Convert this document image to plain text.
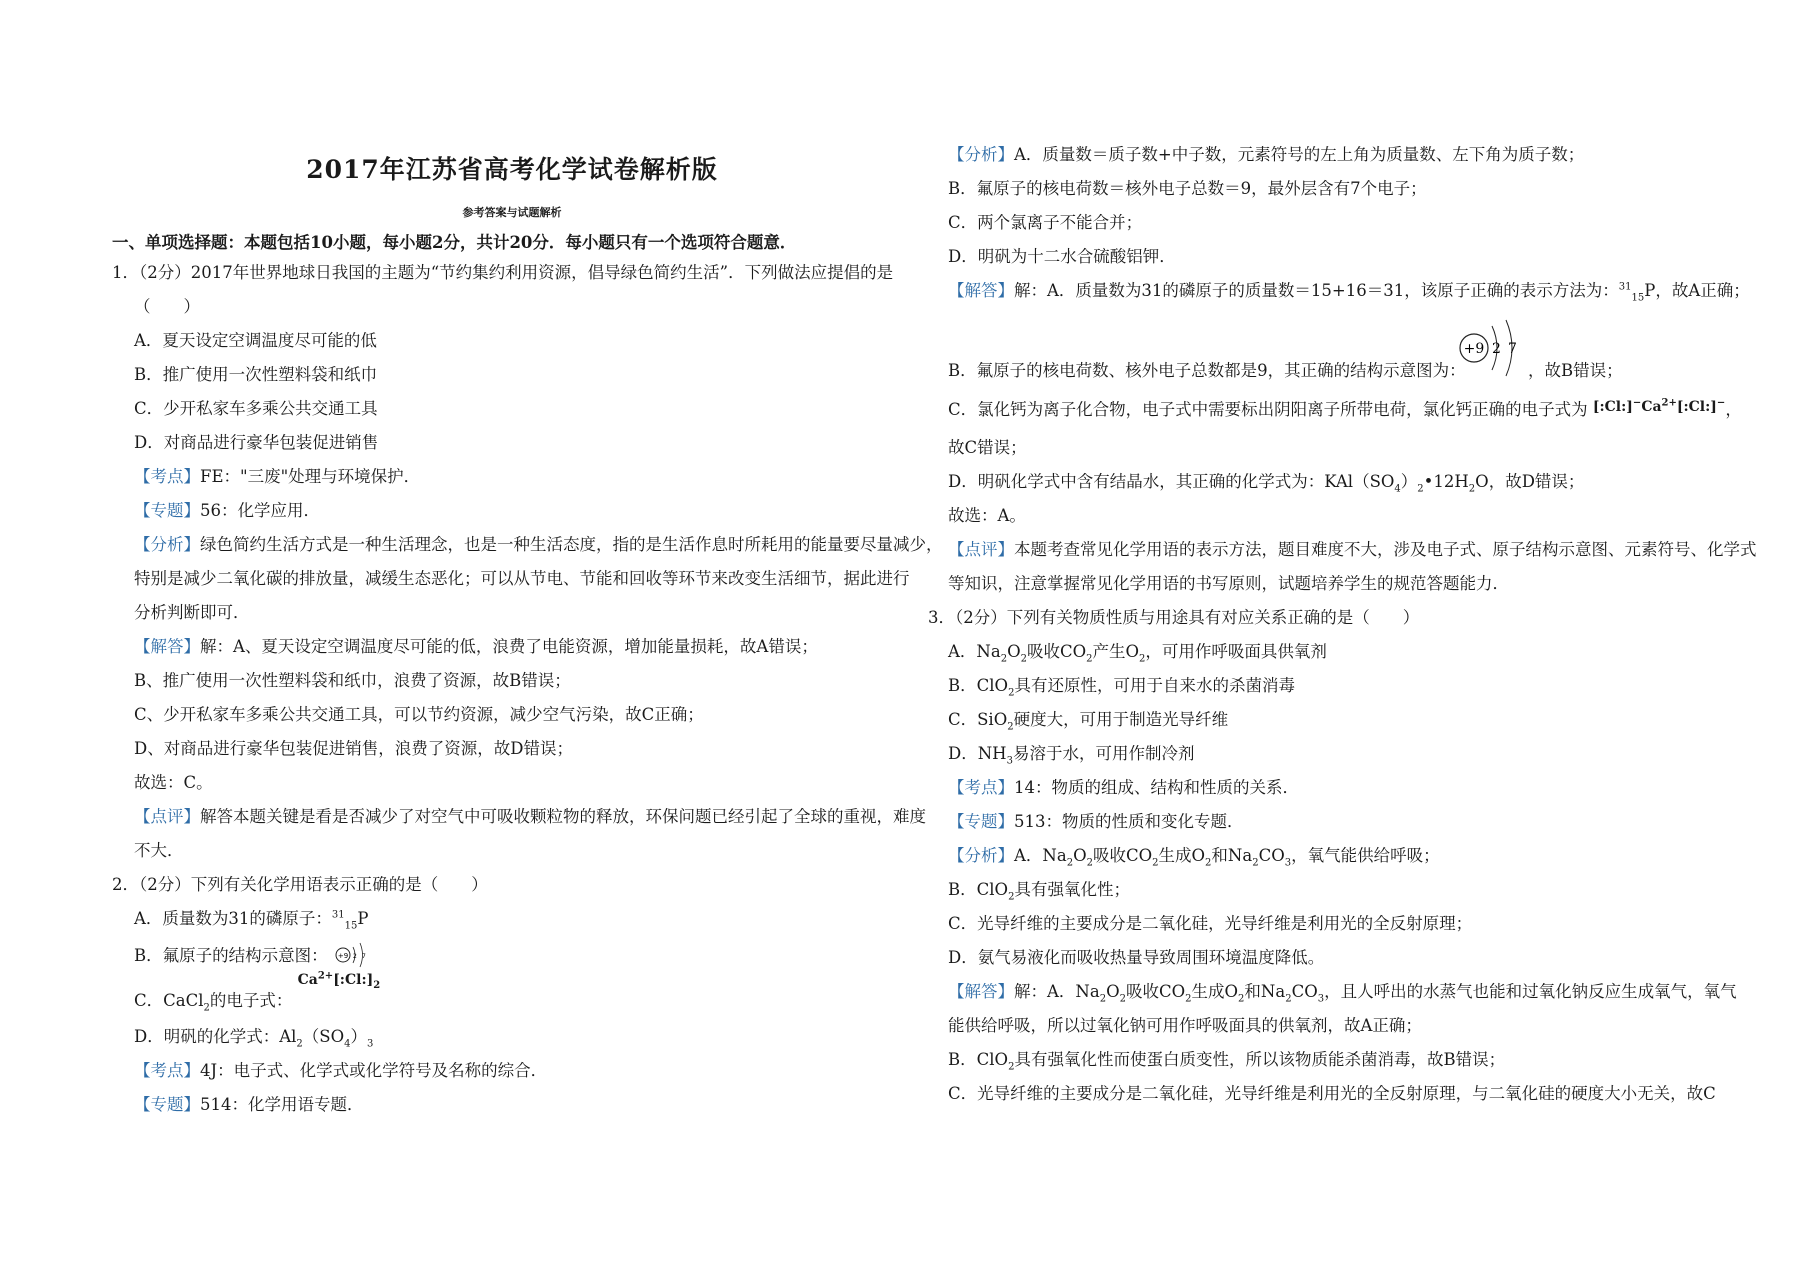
2017年江苏省高考化学试卷解析版
参考答案与试题解析
一、单项选择题：本题包括10小题，每小题2分，共计20分．每小题只有一个选项符合题意．
1．（2分）2017年世界地球日我国的主题为“节约集约利用资源，倡导绿色简约生活”．下列做法应提倡的是
（　　）
A．夏天设定空调温度尽可能的低
B．推广使用一次性塑料袋和纸巾
C．少开私家车多乘公共交通工具
D．对商品进行豪华包装促进销售
【考点】FE："三废"处理与环境保护．
【专题】56：化学应用．
【分析】绿色简约生活方式是一种生活理念，也是一种生活态度，指的是生活作息时所耗用的能量要尽量减少，
特别是减少二氧化碳的排放量，减缓生态恶化；可以从节电、节能和回收等环节来改变生活细节，据此进行
分析判断即可．
【解答】解：A、夏天设定空调温度尽可能的低，浪费了电能资源，增加能量损耗，故A错误；
B、推广使用一次性塑料袋和纸巾，浪费了资源，故B错误；
C、少开私家车多乘公共交通工具，可以节约资源，减少空气污染，故C正确；
D、对商品进行豪华包装促进销售，浪费了资源，故D错误；
故选：C。
【点评】解答本题关键是看是否减少了对空气中可吸收颗粒物的释放，环保问题已经引起了全球的重视，难度
不大．
2．（2分）下列有关化学用语表示正确的是（　　）
A．质量数为31的磷原子：$^{31}_{15}$P
B．氟原子的结构示意图： +9 2 7
C．CaCl$_2$的电子式： $^{Ca^{2+}[:Cl:]_2}$
D．明矾的化学式：$Al_2(SO_4)_3$
【考点】4J：电子式、化学式或化学符号及名称的综合．
【专题】514：化学用语专题．
【分析】A．质量数＝质子数+中子数，元素符号的左上角为质量数、左下角为质子数；
B．氟原子的核电荷数＝核外电子总数＝9，最外层含有7个电子；
C．两个氯离子不能合并；
D．明矾为十二水合硫酸铝钾．
【解答】解：A．质量数为31的磷原子的质量数＝15+16＝31，该原子正确的表示方法为：$^{31}_{15}$P，故A正确；
B．氟原子的核电荷数、核外电子总数都是9，其正确的结构示意图为：
+9 2 7
，故B错误；
C．氯化钙为离子化合物，电子式中需要标出阴阳离子所带电荷，氯化钙正确的电子式为 $^{[:Cl:]^-Ca^{2+}[:Cl:]^-}$，
故C错误；
D．明矾化学式中含有结晶水，其正确的化学式为：$KAl(SO_4)_2•12H_2O$，故D错误；
故选：A。
【点评】本题考查常见化学用语的表示方法，题目难度不大，涉及电子式、原子结构示意图、元素符号、化学式
等知识，注意掌握常见化学用语的书写原则，试题培养学生的规范答题能力．
3．（2分）下列有关物质性质与用途具有对应关系正确的是（　　）
A．$Na_2O_2$吸收$CO_2$产生$O_2$，可用作呼吸面具供氧剂
B．ClO$_2$具有还原性，可用于自来水的杀菌消毒
C．SiO$_2$硬度大，可用于制造光导纤维
D．$NH_3$易溶于水，可用作制冷剂
【考点】14：物质的组成、结构和性质的关系．
【专题】513：物质的性质和变化专题．
【分析】A．$Na_2O_2$吸收$CO_2$生成$O_2$和$Na_2CO_3$，氧气能供给呼吸；
B．ClO$_2$具有强氧化性；
C．光导纤维的主要成分是二氧化硅，光导纤维是利用光的全反射原理；
D．氨气易液化而吸收热量导致周围环境温度降低。
【解答】解：A．$Na_2O_2$吸收$CO_2$生成$O_2$和$Na_2CO_3$，且人呼出的水蒸气也能和过氧化钠反应生成氧气，氧气
能供给呼吸，所以过氧化钠可用作呼吸面具的供氧剂，故A正确；
B．ClO$_2$具有强氧化性而使蛋白质变性，所以该物质能杀菌消毒，故B错误；
C．光导纤维的主要成分是二氧化硅，光导纤维是利用光的全反射原理，与二氧化硅的硬度大小无关，故C
